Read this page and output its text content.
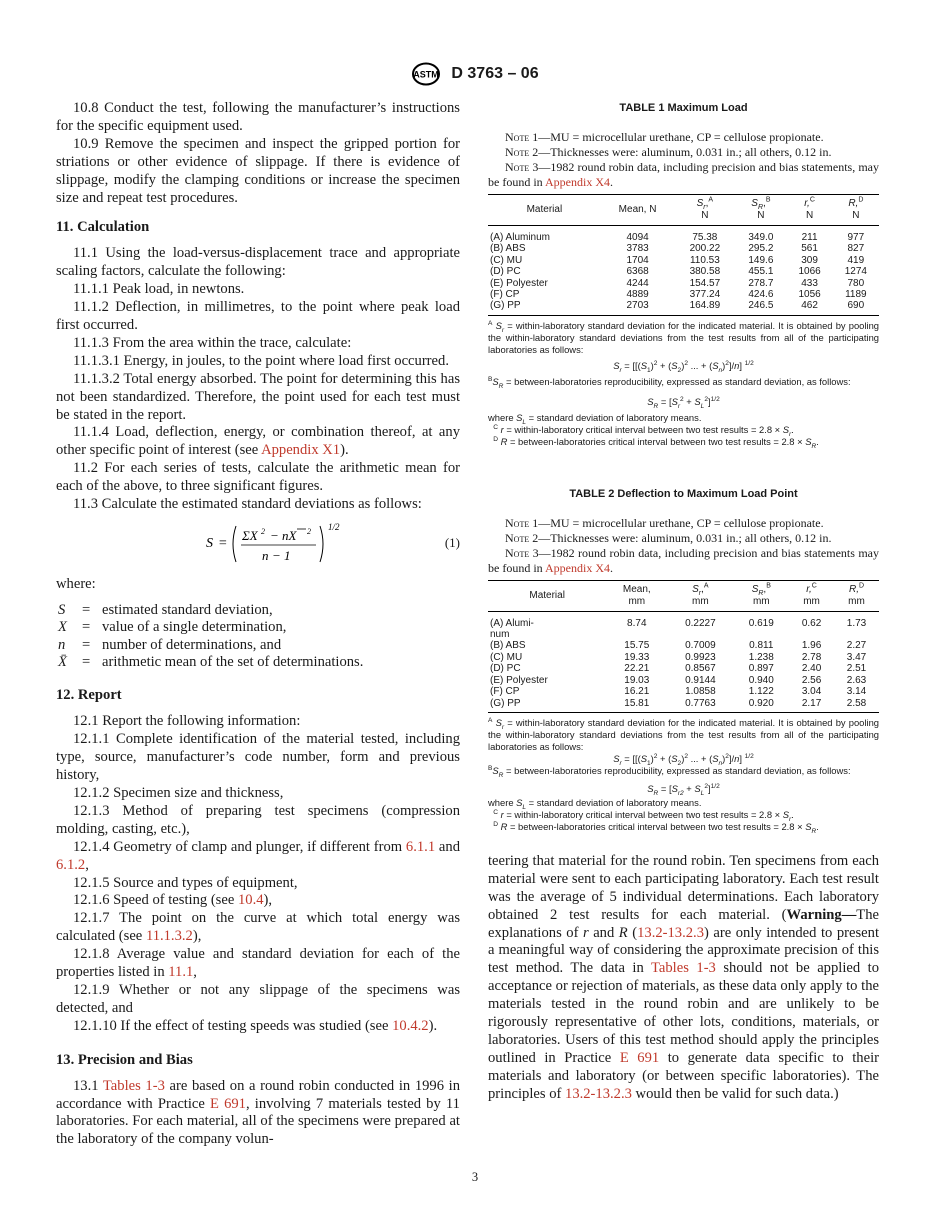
ASTM D 3763 – 06

10.8 Conduct the test, following the manufacturer’s instructions for the specific equipment used.

10.9 Remove the specimen and inspect the gripped portion for striations or other evidence of slippage. If there is evidence of slippage, modify the clamping conditions or increase the specimen size and repeat test procedures.

11. Calculation

11.1 Using the load-versus-displacement trace and appropriate scaling factors, calculate the following:

11.1.1 Peak load, in newtons.

11.1.2 Deflection, in millimetres, to the point where peak load first occurred.

11.1.3 From the area within the trace, calculate:

11.1.3.1 Energy, in joules, to the point where load first occurred.

11.1.3.2 Total energy absorbed. The point for determining this has not been standardized. Therefore, the point used for each test must be stated in the report.

11.1.4 Load, deflection, energy, or combination thereof, at any other specific point of interest (see Appendix X1).

11.2 For each series of tests, calculate the arithmetic mean for each of the above, to three significant figures.

11.3 Calculate the estimated standard deviations as follows:

S =
ΣX 2 − nX 2
n − 1
1/2
(1)

where:

S	= estimated standard deviation,
X	= value of a single determination,
n	= number of determinations, and
X̄	= arithmetic mean of the set of determinations.
12. Report

12.1 Report the following information:

12.1.1 Complete identification of the material tested, including type, source, manufacturer’s code number, form and previous history,

12.1.2 Specimen size and thickness,

12.1.3 Method of preparing test specimens (compression molding, casting, etc.),

12.1.4 Geometry of clamp and plunger, if different from 6.1.1 and 6.1.2,

12.1.5 Source and types of equipment,

12.1.6 Speed of testing (see 10.4),

12.1.7 The point on the curve at which total energy was calculated (see 11.1.3.2),

12.1.8 Average value and standard deviation for each of the properties listed in 11.1,

12.1.9 Whether or not any slippage of the specimens was detected, and

12.1.10 If the effect of testing speeds was studied (see 10.4.2).

13. Precision and Bias

13.1 Tables 1-3 are based on a round robin conducted in 1996 in accordance with Practice E 691, involving 7 materials tested by 11 laboratories. For each material, all of the specimens were prepared at the laboratory of the company volun-

TABLE 1 Maximum Load

Note 1—MU = microcellular urethane, CP = cellulose propionate.

Note 2—Thicknesses were: aluminum, 0.031 in.; all others, 0.12 in.

Note 3—1982 round robin data, including precision and bias statements, may be found in Appendix X4.

Material	Mean, N	$S_r,^A$
N	$S_R,^B$
N	r,$^C$
N	R,$^D$
N
(A) Aluminum	4094	75.38	349.0	211	977
(B) ABS	3783	200.22	295.2	561	827
(C) MU	1704	110.53	149.6	309	419
(D) PC	6368	380.58	455.1	1066	1274
(E) Polyester	4244	154.57	278.7	433	780
(F) CP	4889	377.24	424.6	1056	1189
(G) PP	2703	164.89	246.5	462	690
$^A$ $S_r$ = within-laboratory standard deviation for the indicated material. It is obtained by pooling the within-laboratory standard deviations from the test results from all of the participating laboratories as follows:
$S_r = [[(S_1)^2 + (S_2)^2$ ... + $(S_n)^2]/n$] $^{1/2}$
$^BS_R$ = between-laboratories reproducibility, expressed as standard deviation, as follows:
$S_R = [S_r^2 + S_L^2]^{1/2}$
where $S_L$ = standard deviation of laboratory means.
$^C$ r = within-laboratory critical interval between two test results = $2.8 \times S_r$.
$^D$ R = between-laboratories critical interval between two test results = $2.8 \times S_R$.
TABLE 2 Deflection to Maximum Load Point

Note 1—MU = microcellular urethane, CP = cellulose propionate.

Note 2—Thicknesses were: aluminum, 0.031 in.; all others, 0.12 in.

Note 3—1982 round robin data, including precision and bias statements may be found in Appendix X4.

Material	Mean,
mm	$S_r,^A$
mm	$S_R,^B$
mm	r,$^C$
mm	R,$^D$
mm
(A) Alumi-	8.74	0.2227	0.619	0.62	1.73
num					
(B) ABS	15.75	0.7009	0.811	1.96	2.27
(C) MU	19.33	0.9923	1.238	2.78	3.47
(D) PC	22.21	0.8567	0.897	2.40	2.51
(E) Polyester	19.03	0.9144	0.940	2.56	2.63
(F) CP	16.21	1.0858	1.122	3.04	3.14
(G) PP	15.81	0.7763	0.920	2.17	2.58
$^A$ $S_r$ = within-laboratory standard deviation for the indicated material. It is obtained by pooling the within-laboratory standard deviations from the test results from all of the participating laboratories as follows:
$S_r = [[(S_1)^2 + (S_2)^2$ ... + $(S_n)^2]/n$] $^{1/2}$
$^BS_R$ = between-laboratories reproducibility, expressed as standard deviation, as follows:
$S_R = [S_{r2} + S_L^2]^{1/2}$
where $S_L$ = standard deviation of laboratory means.
$^C$ r = within-laboratory critical interval between two test results = $2.8 \times S_r$.
$^D$ R = between-laboratories critical interval between two test results = $2.8 \times S_R$.

teering that material for the round robin. Ten specimens from each material were sent to each participating laboratory. Each test result was the average of 5 individual determinations. Each laboratory obtained 2 test results for each material. (Warning—The explanations of r and R (13.2-13.2.3) are only intended to present a meaningful way of considering the approximate precision of this test method. The data in Tables 1-3 should not be applied to acceptance or rejection of materials, as these data only apply to the materials tested in the round robin and are unlikely to be rigorously representative of other lots, conditions, materials, or laboratories. Users of this test method should apply the principles outlined in Practice E 691 to generate data specific to their materials and laboratory (or between specific laboratories). The principles of 13.2-13.2.3 would then be valid for such data.)

3
